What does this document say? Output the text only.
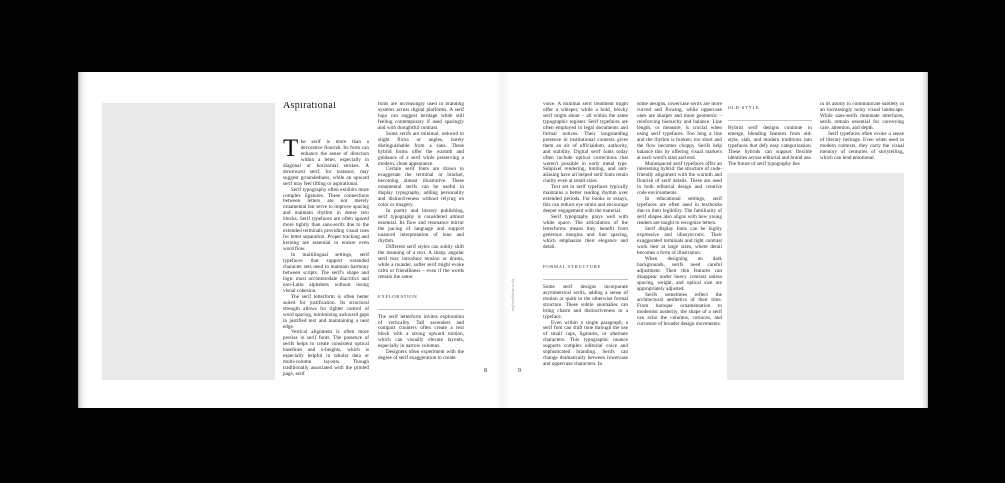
Aspirational

The serif is more than a decorative flourish. Its form can enhance the sense of direction within a letter, especially in diagonal or horizontal strokes. A downward serif, for instance, may suggest groundedness, while an upward serif may feel lifting or aspirational.

Serif typography often exhibits more complex ligatures. These connections between letters are not merely ornamental but serve to improve spacing and maintain rhythm in dense text blocks. Serif typefaces are often spaced more tightly than sans-serifs due to the extended terminals providing visual cues for letter separation. Proper tracking and kerning are essential to ensure even word flow.

In multilingual settings, serif typefaces that support extended character sets need to maintain harmony between scripts. The serif's shape and logic must accommodate diacritics and non-Latin alphabets without losing visual cohesion.

The serif letterform is often better suited for justification. Its structural strength allows for tighter control of word spacing, minimizing awkward gaps in justified text and maintaining a neat edge.

Vertical alignment is often more precise in serif fonts. The presence of serifs helps to create consistent optical baselines and x-heights, which is especially helpful in tabular data or multi-column layouts. Though traditionally associated with the printed page, serif

fonts are increasingly used in branding systems across digital platforms. A serif logo can suggest heritage while still feeling contemporary if used sparingly and with thoughtful contrast.

Some serifs are minimal, reduced to slight flicks or angles, barely distinguishable from a sans. These hybrid forms offer the warmth and guidance of a serif while preserving a modern, clean appearance.

Certain serif fonts are drawn to exaggerate the terminal or bracket, becoming almost illustrative. These ornamental serifs can be useful in display typography, adding personality and distinctiveness without relying on color or imagery.

In poetry and literary publishing, serif typography is considered almost essential. Its flow and resonance mirror the pacing of language and support nuanced interpretation of tone and rhythm.

Different serif styles can subtly shift the meaning of a text. A sharp, angular serif may introduce tension or drama, while a rounder, softer serif might evoke calm or friendliness – even if the words remain the same.

EXPLORATION

The serif letterform invites exploration of verticality. Tall ascenders and compact counters often create a text block with a strong upward motion, which can visually elevate layouts, especially in narrow columns.

Designers often experiment with the degree of serif exaggeration to create

8
exploredideas.co.uk

voice. A minimal serif treatment might offer a whisper, while a bold, blocky serif might shout – all within the same typographic register. Serif typefaces are often employed in legal documents and formal notices. Their longstanding presence in institutional contexts gives them an air of officialdom, authority, and stability. Digital serif fonts today often include optical corrections that weren't possible in early metal type. Subpixel rendering, hinting, and anti-aliasing have all helped serif fonts retain clarity even at small sizes.

Text set in serif typefaces typically maintains a better reading rhythm over extended periods. For books or essays, this can reduce eye strain and encourage deeper engagement with the material.

Serif typography plays well with white space. The articulation of the letterforms means they benefit from generous margins and line spacing, which emphasize their elegance and detail.

FORMAL STRUCTURE

Some serif designs incorporate asymmetrical serifs, adding a sense of motion or quirk to the otherwise formal structure. These subtle anomalies can bring charm and distinctiveness to a typeface.

Even within a single paragraph, a serif font can shift tone through the use of small caps, ligatures, or alternate characters. This typographic nuance supports complex editorial voice and sophisticated branding. Serifs can change dramatically between lowercase and uppercase characters. In

some designs, lowercase serifs are more curved and flowing, while uppercase ones are sharper and more geometric – reinforcing hierarchy and balance. Line length, or measure, is crucial when using serif typefaces. Too long a line and the rhythm is broken; too short and the flow becomes choppy. Serifs help balance this by offering visual markers at each word's start and end.

Monospaced serif typefaces offer an interesting hybrid: the structure of code-friendly alignment with the warmth and flourish of serif details. These are used in both editorial design and creative code environments.

In educational settings, serif typefaces are often used in textbooks due to their legibility. The familiarity of serif shapes also aligns with how young readers are taught to recognize letters.

Serif display fonts can be highly expressive and idiosyncratic. Their exaggerated terminals and tight contrast work best at large sizes, where detail becomes a form of illustration.

When designing on dark backgrounds, serifs need careful adjustment. Their thin features can disappear under heavy contrast unless spacing, weight, and optical size are appropriately adjusted.

Serifs sometimes reflect the architectural aesthetics of their time. From baroque ornamentation to modernist austerity, the shape of a serif can echo the columns, cornices, and curvature of broader design movements.

OLD-STYLE

Hybrid serif designs continue to emerge, blending features from old-style, slab, and modern traditions into typefaces that defy easy categorization. These hybrids can support flexible identities across editorial and brand use. The future of serif typography lies

in its ability to communicate subtlety in an increasingly noisy visual landscape. While sans-serifs dominate interfaces, serifs remain essential for conveying care, attention, and depth.

Serif typefaces often evoke a sense of literary heritage. Even when used in modern contexts, they carry the visual memory of centuries of storytelling, which can lend emotional.

9
